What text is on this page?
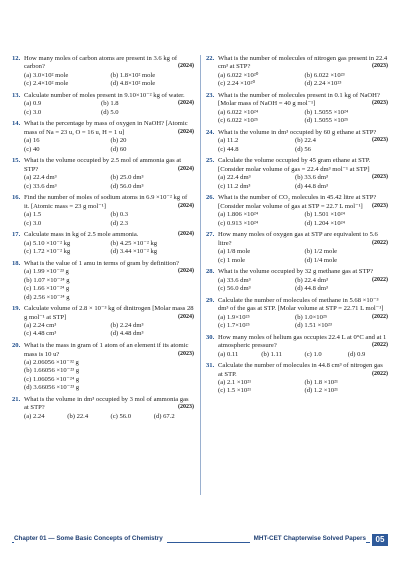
12. How many moles of carbon atoms are present in 3.6 kg of carbon?	(2024)
(a) 3.0×10² mole	(b) 1.8×10² mole
(c) 2.4×10² mole	(d) 4.8×10² mole
13. Calculate number of moles present in 9.10×10⁻² kg of water.
(2024)
(a) 0.9	(b) 1.8
(c) 3.0	(d) 5.0
14. What is the percentage by mass of oxygen in NaOH? [Atomic mass of Na = 23 u, O = 16 u, H = 1 u]	(2024)
(a) 16	(b) 20
(c) 40	(d) 60
15. What is the volume occupied by 2.5 mol of ammonia gas at STP?	(2024)
(a) 22.4 dm³	(b) 25.0 dm³
(c) 33.6 dm³	(d) 56.0 dm³
16. Find the number of moles of sodium atoms in 6.9 ×10⁻² kg of it. [Atomic mass = 23 g mol⁻¹]	(2024)
(a) 1.5	(b) 0.3
(c) 3.0	(d) 2.3
17. Calculate mass in kg of 2.5 mole ammonia.	(2024)
(a) 5.10 ×10⁻² kg	(b) 4.25 ×10⁻² kg
(c) 1.72 ×10⁻² kg	(d) 3.44 ×10⁻² kg
18. What is the value of 1 amu in terms of gram by definition?
(2024)
(a) 1.99 ×10⁻²³ g
(b) 1.07 ×10⁻²⁴ g
(c) 1.66 ×10⁻²⁴ g
(d) 2.56 ×10⁻²⁴ g
19. Calculate volume of 2.8 × 10⁻³ kg of dinitrogen [Molar mass 28 g mol⁻¹ at STP]	(2024)
(a) 2.24 cm³	(b) 2.24 dm³
(c) 4.48 cm³	(d) 4.48 dm³
20. What is the mass in gram of 1 atom of an element if its atomic mass is 10 u?	(2023)
(a) 2.06056 ×10⁻³² g
(b) 1.66056 ×10⁻²³ g
(c) 1.06056 ×10⁻²⁴ g
(d) 3.66056 ×10⁻²³ g
21. What is the volume in dm³ occupied by 3 mol of ammonia gas at STP?	(2023)
(a) 2.24	(b) 22.4	(c) 56.0	(d) 67.2
22. What is the number of molecules of nitrogen gas present in 22.4 cm³ at STP?	(2023)
(a) 6.022 ×10²⁰	(b) 6.022 ×10²³
(c) 2.24 ×10²⁰	(d) 2.24 ×10²³
23. What is the number of molecules present in 0.1 kg of NaOH? [Molar mass of NaOH = 40 g mol⁻¹]	(2023)
(a) 6.022 ×10²⁴	(b) 1.5055 ×10²⁴
(c) 6.022 ×10²⁵	(d) 1.5055 ×10²⁵
24. What is the volume in dm³ occupied by 60 g ethane at STP?
(2023)
(a) 11.2	(b) 22.4
(c) 44.8	(d) 56
25. Calculate the volume occupied by 45 gram ethane at STP. [Consider molar volume of gas = 22.4 dm³ mol⁻¹ at STP]
(2023)
(a) 22.4 dm³	(b) 33.6 dm³
(c) 11.2 dm³	(d) 44.8 dm³
26. What is the number of CO₂ molecules in 45.42 litre at STP? [Consider molar volume of gas at STP = 22.7 L mol⁻¹] (2023)
(a) 1.806 ×10²⁴	(b) 1.501 ×10²⁴
(c) 0.913 ×10²⁴	(d) 1.204 ×10²⁴
27. How many moles of oxygen gas at STP are equivalent to 5.6 litre?	(2022)
(a) 1/8 mole	(b) 1/2 mole
(c) 1 mole	(d) 1/4 mole
28. What is the volume occupied by 32 g methane gas at STP?
(2022)
(a) 33.6 dm³	(b) 22.4 dm³
(c) 56.0 dm³	(d) 44.8 dm³
29. Calculate the number of molecules of methane in 5.68 ×10⁻³ dm³ of the gas at STP. [Molar volume at STP = 22.71 L mol⁻¹]
(2022)
(a) 1.9×10²⁵	(b) 1.0×10²⁵
(c) 1.7×10²⁵	(d) 1.51 ×10²³
30. How many moles of helium gas occupies 22.4 L at 0°C and at 1 atmospheric pressure?	(2022)
(a) 0.11	(b) 1.11	(c) 1.0	(d) 0.9
31. Calculate the number of molecules in 44.8 cm³ of nitrogen gas at STP.	(2022)
(a) 2.1 ×10²¹	(b) 1.8 ×10²¹
(c) 1.5 ×10²¹	(d) 1.2 ×10²¹
Chapter 01 — Some Basic Concepts of Chemistry	MHT-CET Chapterwise Solved Papers	05
